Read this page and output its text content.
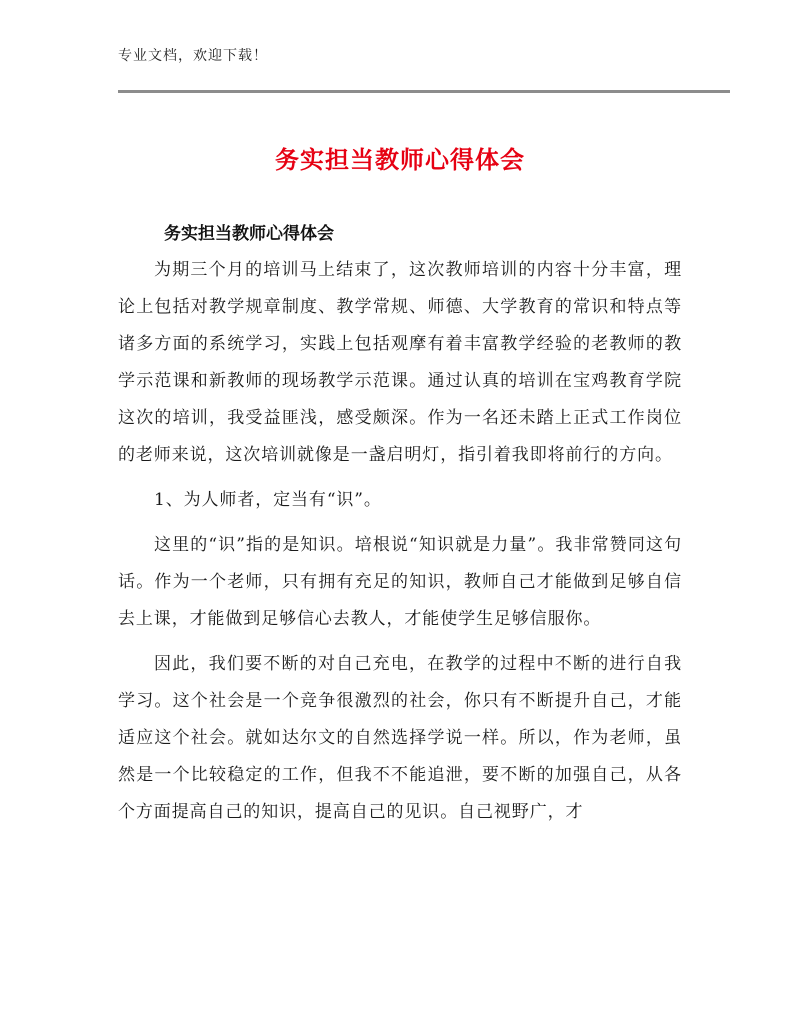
专业文档，欢迎下载！
务实担当教师心得体会
务实担当教师心得体会

为期三个月的培训马上结束了，这次教师培训的内容十分丰富，理论上包括对教学规章制度、教学常规、师德、大学教育的常识和特点等诸多方面的系统学习，实践上包括观摩有着丰富教学经验的老教师的教学示范课和新教师的现场教学示范课。通过认真的培训在宝鸡教育学院这次的培训，我受益匪浅，感受颇深。作为一名还未踏上正式工作岗位的老师来说，这次培训就像是一盏启明灯，指引着我即将前行的方向。

1、为人师者，定当有“识”。

这里的“识”指的是知识。培根说“知识就是力量”。我非常赞同这句话。作为一个老师，只有拥有充足的知识，教师自己才能做到足够自信去上课，才能做到足够信心去教人，才能使学生足够信服你。

因此，我们要不断的对自己充电，在教学的过程中不断的进行自我学习。这个社会是一个竞争很激烈的社会，你只有不断提升自己，才能适应这个社会。就如达尔文的自然选择学说一样。所以，作为老师，虽然是一个比较稳定的工作，但我不不能追泄，要不断的加强自己，从各个方面提高自己的知识，提高自己的见识。自己视野广，才
